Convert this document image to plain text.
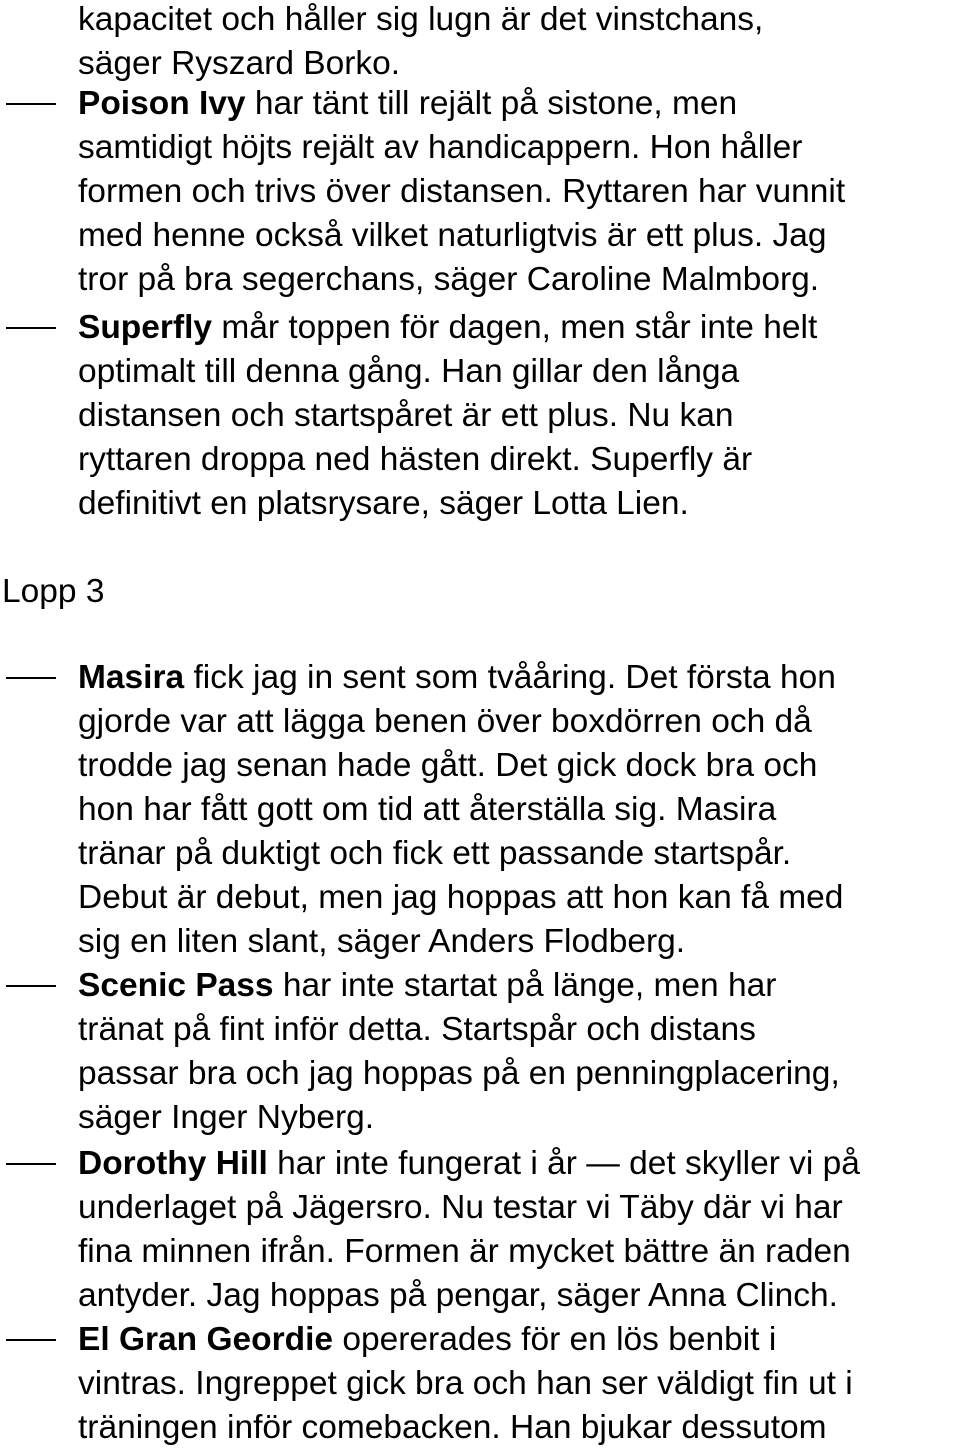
kapacitet och håller sig lugn är det vinstchans,
säger Ryszard Borko.
Poison Ivy har tänt till rejält på sistone, men
samtidigt höjts rejält av handicappern. Hon håller
formen och trivs över distansen. Ryttaren har vunnit
med henne också vilket naturligtvis är ett plus. Jag
tror på bra segerchans, säger Caroline Malmborg.
Superfly mår toppen för dagen, men står inte helt
optimalt till denna gång. Han gillar den långa
distansen och startspåret är ett plus. Nu kan
ryttaren droppa ned hästen direkt. Superfly är
definitivt en platsrysare, säger Lotta Lien.
Lopp 3
Masira fick jag in sent som tvååring. Det första hon
gjorde var att lägga benen över boxdörren och då
trodde jag senan hade gått. Det gick dock bra och
hon har fått gott om tid att återställa sig. Masira
tränar på duktigt och fick ett passande startspår.
Debut är debut, men jag hoppas att hon kan få med
sig en liten slant, säger Anders Flodberg.
Scenic Pass har inte startat på länge, men har
tränat på fint inför detta. Startspår och distans
passar bra och jag hoppas på en penningplacering,
säger Inger Nyberg.
Dorothy Hill har inte fungerat i år — det skyller vi på
underlaget på Jägersro. Nu testar vi Täby där vi har
fina minnen ifrån. Formen är mycket bättre än raden
antyder. Jag hoppas på pengar, säger Anna Clinch.
El Gran Geordie opererades för en lös benbit i
vintras. Ingreppet gick bra och han ser väldigt fin ut i
träningen inför comebacken. Han bjukar dessutom
